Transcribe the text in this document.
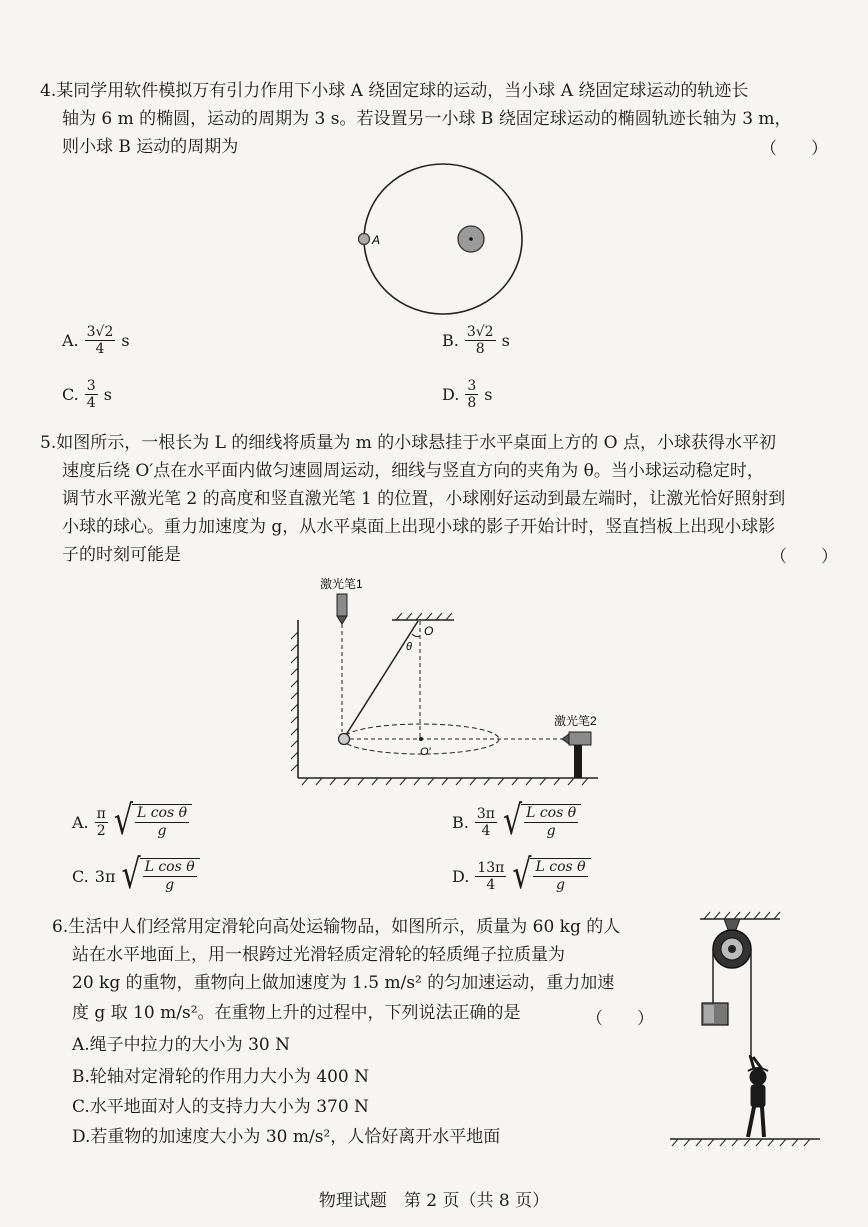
4.某同学用软件模拟万有引力作用下小球 A 绕固定球的运动，当小球 A 绕固定球运动的轨迹长
轴为 6 m 的椭圆，运动的周期为 3 s。若设置另一小球 B 绕固定球运动的椭圆轨迹长轴为 3 m，
则小球 B 运动的周期为	（　　）
A
A. $\frac{3√2}{4}$ s	B. $\frac{3√2}{8}$ s
C. $\frac{3}{4}$ s	D. $\frac{3}{8}$ s
5.如图所示，一根长为 L 的细线将质量为 m 的小球悬挂于水平桌面上方的 O 点，小球获得水平初
速度后绕 O′点在水平面内做匀速圆周运动，细线与竖直方向的夹角为 θ。当小球运动稳定时，
调节水平激光笔 2 的高度和竖直激光笔 1 的位置，小球刚好运动到最左端时，让激光恰好照射到
小球的球心。重力加速度为 g，从水平桌面上出现小球的影子开始计时，竖直挡板上出现小球影
子的时刻可能是	（　　）
激光笔1
O
θ
O′
激光笔2
A. $\frac{\pi}{2}$ √ $\frac{\text{L cos θ}}{g}$	B. $\frac{3\pi}{4}$ √ $\frac{\text{L cos θ}}{g}$
C. 3π √ $\frac{\text{L cos θ}}{g}$	D. $\frac{13\pi}{4}$ √ $\frac{\text{L cos θ}}{g}$
6.生活中人们经常用定滑轮向高处运输物品，如图所示，质量为 60 kg 的人
站在水平地面上，用一根跨过光滑轻质定滑轮的轻质绳子拉质量为
20 kg 的重物，重物向上做加速度为 1.5 m/s² 的匀加速运动，重力加速
度 g 取 10 m/s²。在重物上升的过程中，下列说法正确的是	（　　）
A.绳子中拉力的大小为 30 N
B.轮轴对定滑轮的作用力大小为 400 N
C.水平地面对人的支持力大小为 370 N
D.若重物的加速度大小为 30 m/s²，人恰好离开水平地面
物理试题　第 2 页（共 8 页）
